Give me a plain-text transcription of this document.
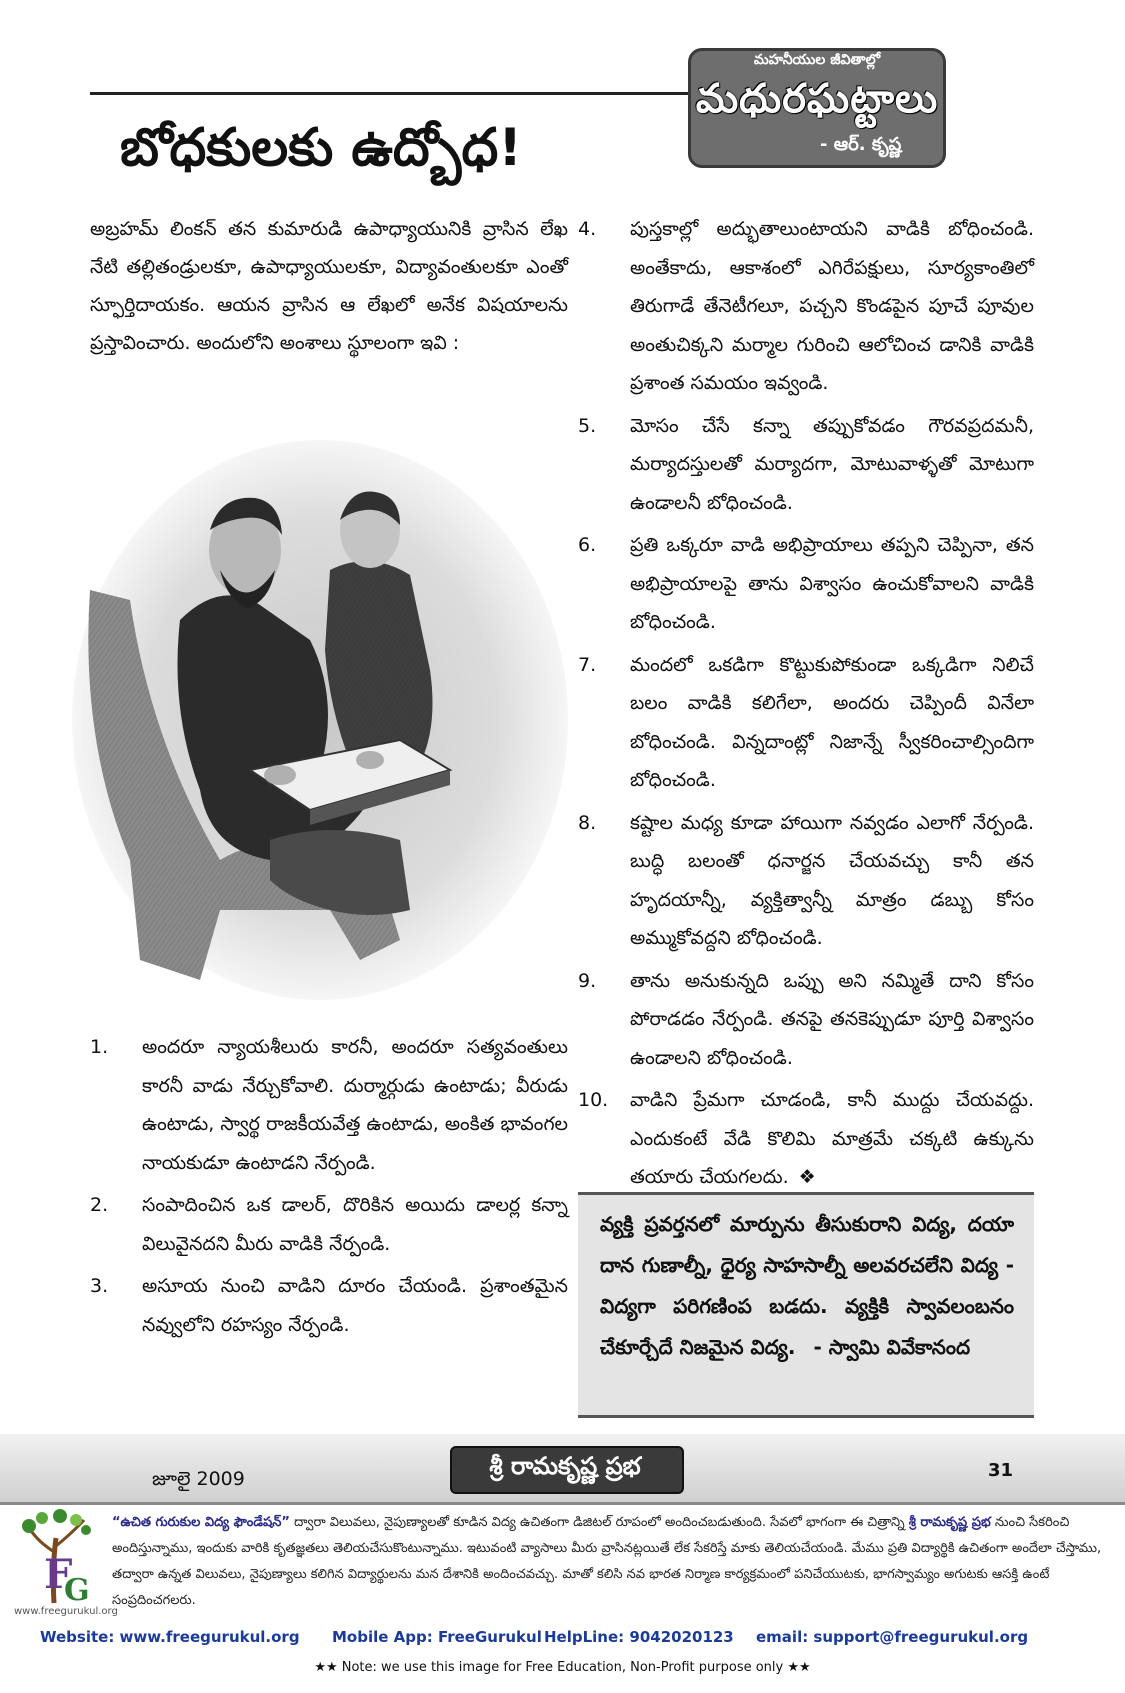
మహనీయుల జీవితాల్లో
మధురఘట్టాలు
- ఆర్. కృష్ణ
బోధకులకు ఉద్బోధ!
అబ్రహమ్ లింకన్ తన కుమారుడి ఉపాధ్యాయునికి వ్రాసిన లేఖ నేటి తల్లితండ్రులకూ, ఉపాధ్యాయులకూ, విద్యావంతులకూ ఎంతో స్ఫూర్తిదాయకం. ఆయన వ్రాసిన ఆ లేఖలో అనేక విషయాలను ప్రస్తావించారు. అందులోని అంశాలు స్థూలంగా ఇవి :
1.	అందరూ న్యాయశీలురు కారనీ, అందరూ సత్యవంతులు కారనీ వాడు నేర్చుకోవాలి. దుర్మార్గుడు ఉంటాడు; వీరుడు ఉంటాడు, స్వార్థ రాజకీయవేత్త ఉంటాడు, అంకిత భావంగల నాయకుడూ ఉంటాడని నేర్పండి.
2.	సంపాదించిన ఒక డాలర్, దొరికిన అయిదు డాలర్ల కన్నా విలువైనదని మీరు వాడికి నేర్పండి.
3.	అసూయ నుంచి వాడిని దూరం చేయండి. ప్రశాంతమైన నవ్వులోని రహస్యం నేర్పండి.
4.	పుస్తకాల్లో అద్భుతాలుంటాయని వాడికి బోధించండి. అంతేకాదు, ఆకాశంలో ఎగిరేపక్షులు, సూర్యకాంతిలో తిరుగాడే తేనెటీగలూ, పచ్చని కొండపైన పూచే పూవుల అంతుచిక్కని మర్మాల గురించి ఆలోచించ డానికి వాడికి ప్రశాంత సమయం ఇవ్వండి.
5.	మోసం చేసే కన్నా తప్పుకోవడం గౌరవప్రదమనీ, మర్యాదస్తులతో మర్యాదగా, మోటువాళ్ళతో మోటుగా ఉండాలనీ బోధించండి.
6.	ప్రతి ఒక్కరూ వాడి అభిప్రాయాలు తప్పని చెప్పినా, తన అభిప్రాయాలపై తాను విశ్వాసం ఉంచుకోవాలని వాడికి బోధించండి.
7.	మందలో ఒకడిగా కొట్టుకుపోకుండా ఒక్కడిగా నిలిచే బలం వాడికి కలిగేలా, అందరు చెప్పిందీ వినేలా బోధించండి. విన్నదాంట్లో నిజాన్నే స్వీకరించాల్సిందిగా బోధించండి.
8.	కష్టాల మధ్య కూడా హాయిగా నవ్వడం ఎలాగో నేర్పండి. బుద్ధి బలంతో ధనార్జన చేయవచ్చు కానీ తన హృదయాన్నీ, వ్యక్తిత్వాన్నీ మాత్రం డబ్బు కోసం అమ్ముకోవద్దని బోధించండి.
9.	తాను అనుకున్నది ఒప్పు అని నమ్మితే దాని కోసం పోరాడడం నేర్పండి. తనపై తనకెప్పుడూ పూర్తి విశ్వాసం ఉండాలని బోధించండి.
10.	వాడిని ప్రేమగా చూడండి, కానీ ముద్దు చేయవద్దు. ఎందుకంటే వేడి కొలిమి మాత్రమే చక్కటి ఉక్కును తయారు చేయగలదు. ❖
వ్యక్తి ప్రవర్తనలో మార్పును తీసుకురాని విద్య, దయా దాన గుణాల్నీ, ధైర్య సాహసాల్నీ అలవరచలేని విద్య - విద్యగా పరిగణింప బడదు. వ్యక్తికి స్వావలంబనం చేకూర్చేదే నిజమైన విద్య. - స్వామి వివేకానంద
జూలై 2009	శ్రీ రామకృష్ణ ప్రభ	31
F
G
www.freegurukul.org
“ఉచిత గురుకుల విద్య ఫౌండేషన్” ద్వారా విలువలు, నైపుణ్యాలతో కూడిన విద్య ఉచితంగా డిజిటల్ రూపంలో అందించబడుతుంది. సేవలో భాగంగా ఈ చిత్రాన్ని శ్రీ రామకృష్ణ ప్రభ నుంచి సేకరించి అందిస్తున్నాము, ఇందుకు వారికి కృతజ్ఞతలు తెలియచేసుకొంటున్నాము. ఇటువంటి వ్యాసాలు మీరు వ్రాసినట్లయితే లేక సేకరిస్తే మాకు తెలియచేయండి. మేము ప్రతి విద్యార్థికి ఉచితంగా అందేలా చేస్తాము, తద్వారా ఉన్నత విలువలు, నైపుణ్యాలు కలిగిన విద్యార్థులను మన దేశానికి అందించవచ్చు. మాతో కలిసి నవ భారత నిర్మాణ కార్యక్రమంలో పనిచేయుటకు, భాగస్వామ్యం అగుటకు ఆసక్తి ఉంటే సంప్రదించగలరు.
Website: www.freegurukul.org Mobile App: FreeGurukul HelpLine: 9042020123 email: support@freegurukul.org
★★ Note: we use this image for Free Education, Non-Profit purpose only ★★
